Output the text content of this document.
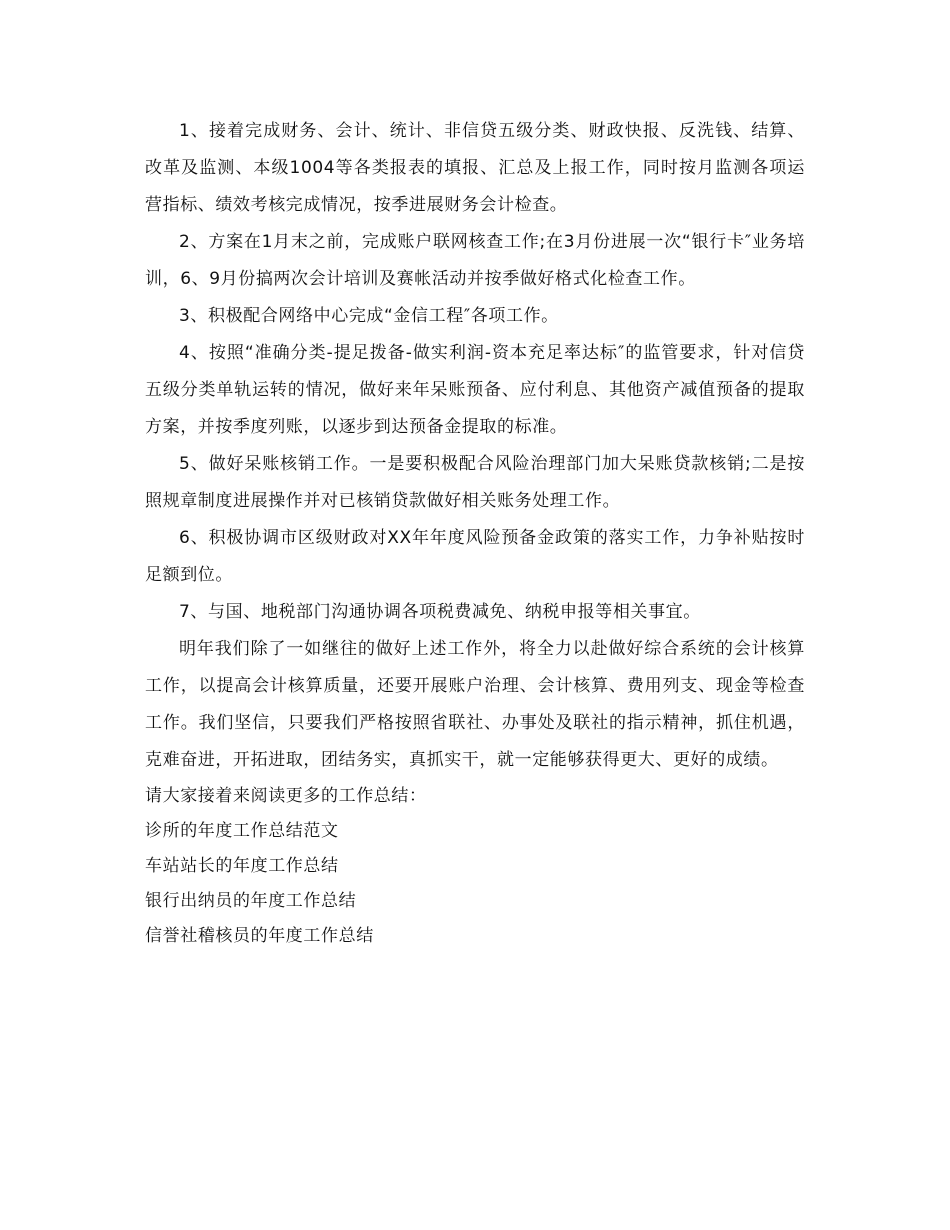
1、接着完成财务、会计、统计、非信贷五级分类、财政快报、反洗钱、结算、改革及监测、本级1004等各类报表的填报、汇总及上报工作，同时按月监测各项运营指标、绩效考核完成情况，按季进展财务会计检查。

2、方案在1月末之前，完成账户联网核查工作;在3月份进展一次“银行卡″业务培训，6、9月份搞两次会计培训及赛帐活动并按季做好格式化检查工作。

3、积极配合网络中心完成“金信工程″各项工作。

4、按照“准确分类-提足拨备-做实利润-资本充足率达标″的监管要求，针对信贷五级分类单轨运转的情况，做好来年呆账预备、应付利息、其他资产减值预备的提取方案，并按季度列账，以逐步到达预备金提取的标准。

5、做好呆账核销工作。一是要积极配合风险治理部门加大呆账贷款核销;二是按照规章制度进展操作并对已核销贷款做好相关账务处理工作。

6、积极协调市区级财政对XX年年度风险预备金政策的落实工作，力争补贴按时足额到位。

7、与国、地税部门沟通协调各项税费减免、纳税申报等相关事宜。

明年我们除了一如继往的做好上述工作外，将全力以赴做好综合系统的会计核算工作，以提高会计核算质量，还要开展账户治理、会计核算、费用列支、现金等检查工作。我们坚信，只要我们严格按照省联社、办事处及联社的指示精神，抓住机遇，克难奋进，开拓进取，团结务实，真抓实干，就一定能够获得更大、更好的成绩。

请大家接着来阅读更多的工作总结：

诊所的年度工作总结范文

车站站长的年度工作总结

银行出纳员的年度工作总结

信誉社稽核员的年度工作总结
